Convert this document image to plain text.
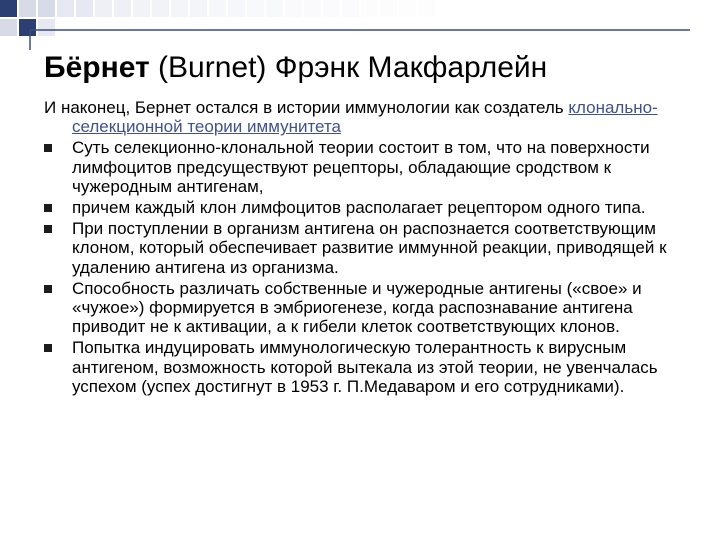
Бёрнет (Burnet) Фрэнк Макфарлейн

И наконец, Бернет остался в истории иммунологии как создатель клонально-селекционной теории иммунитета

Суть селекционно-клональной теории состоит в том, что на поверхности лимфоцитов предсуществуют рецепторы, обладающие сродством к чужеродным антигенам,
причем каждый клон лимфоцитов располагает рецептором одного типа.
При поступлении в организм антигена он распознается соответствующим клоном, который обеспечивает развитие иммунной реакции, приводящей к удалению антигена из организма.
Способность различать собственные и чужеродные антигены («свое» и «чужое») формируется в эмбриогенезе, когда распознавание антигена приводит не к активации, а к гибели клеток соответствующих клонов.
Попытка индуцировать иммунологическую толерантность к вирусным антигеном, возможность которой вытекала из этой теории, не увенчалась успехом (успех достигнут в 1953 г. П.Медаваром и его сотрудниками).
